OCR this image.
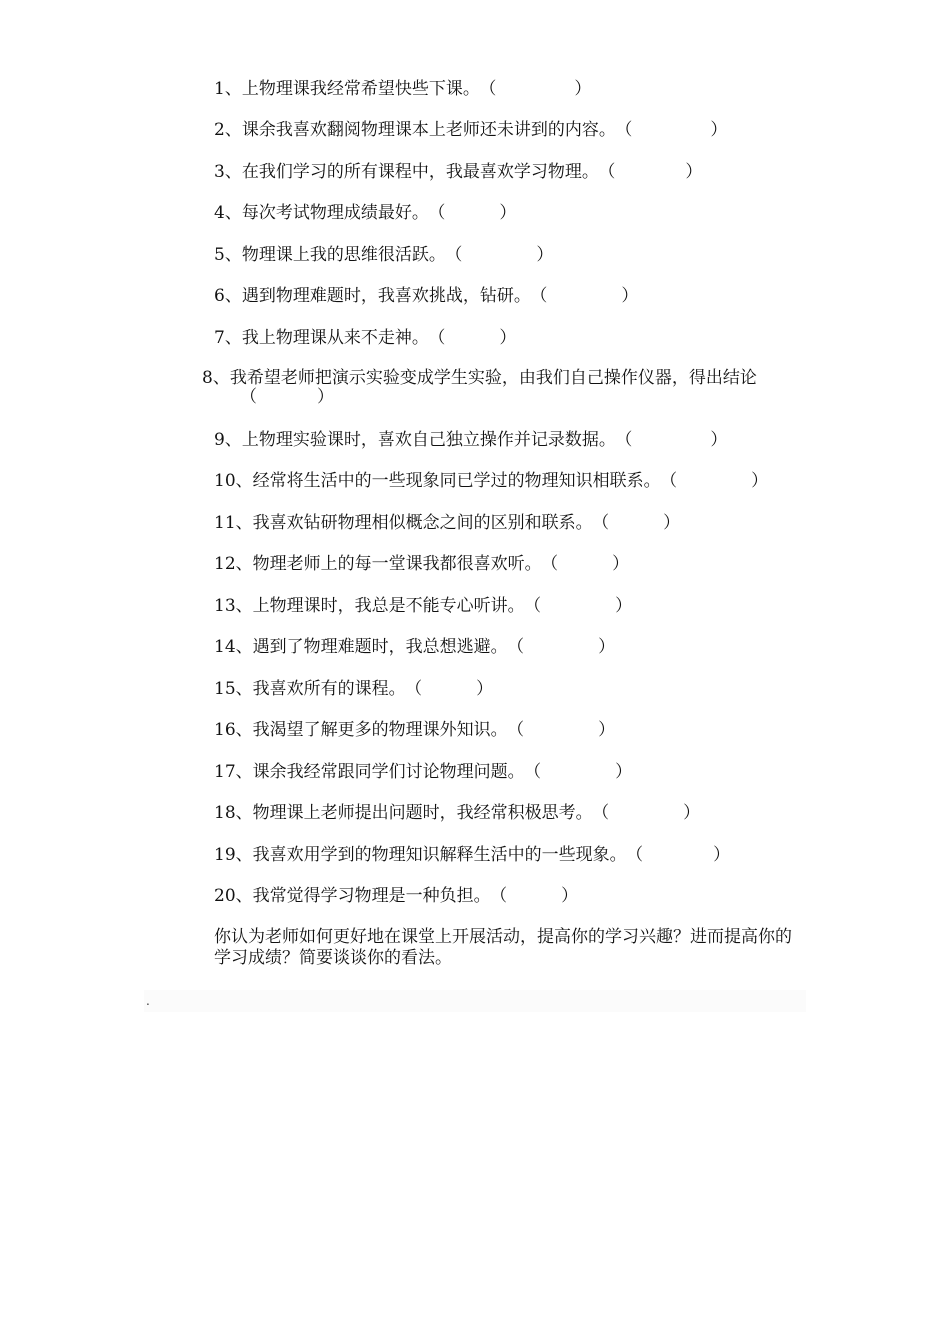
1、上物理课我经常希望快些下课。 （	）
2、课余我喜欢翻阅物理课本上老师还未讲到的内容。 （	）
3、在我们学习的所有课程中，我最喜欢学习物理。 （	）
4、每次考试物理成绩最好。 （	）
5、物理课上我的思维很活跃。 （	）
6、遇到物理难题时，我喜欢挑战，钻研。 （	）
7、我上物理课从来不走神。 （	）
9、上物理实验课时，喜欢自己独立操作并记录数据。 （	）
10、经常将生活中的一些现象同已学过的物理知识相联系。 （	）
11、我喜欢钻研物理相似概念之间的区别和联系。 （	）
12、物理老师上的每一堂课我都很喜欢听。 （	）
13、上物理课时，我总是不能专心听讲。 （	）
14、遇到了物理难题时，我总想逃避。 （	）
15、我喜欢所有的课程。 （	）
16、我渴望了解更多的物理课外知识。 （	）
17、课余我经常跟同学们讨论物理问题。 （	）
18、物理课上老师提出问题时，我经常积极思考。 （	）
19、我喜欢用学到的物理知识解释生活中的一些现象。 （	）
20、我常觉得学习物理是一种负担。 （	）
8、我希望老师把演示实验变成学生实验，由我们自己操作仪器，得出结论
（	）
你认为老师如何更好地在课堂上开展活动，提高你的学习兴趣？进而提高你的学习成绩？简要谈谈你的看法。
.
